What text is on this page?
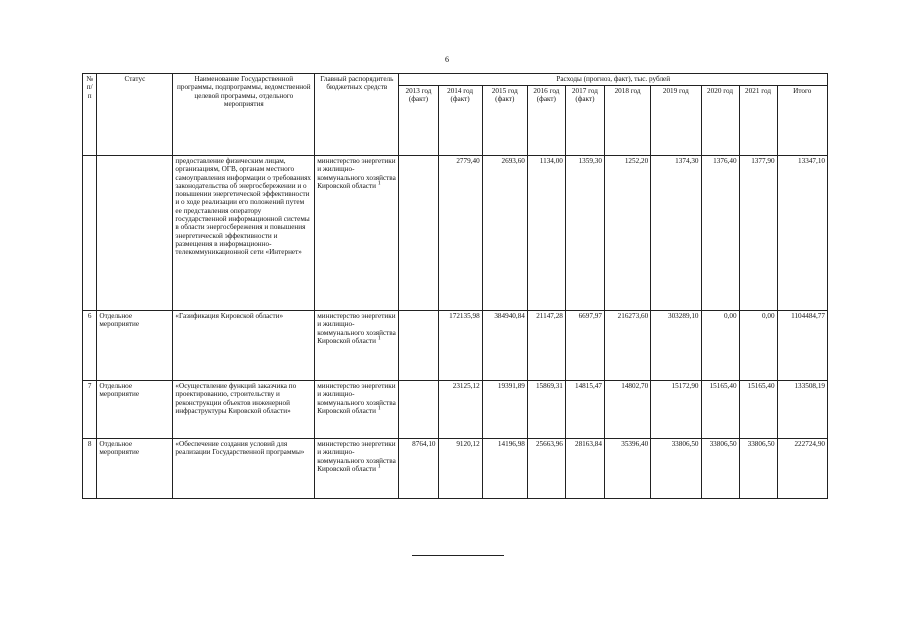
6
№ п/п	Статус	Наименование Государственной программы, подпрограммы, ведомственной целевой программы, отдельного мероприятия	Главный распорядитель бюджетных средств	Расходы (прогноз, факт), тыс. рублей									
				2013 год (факт)	2014 год (факт)	2015 год (факт)	2016 год (факт)	2017 год (факт)	2018 год	2019 год	2020 год	2021 год	Итого
		предоставление физическим лицам, организациям, ОГВ, органам местного самоуправления информации о требованиях законодательства об энергосбережении и о повышении энергетической эффективности и о ходе реализации его положений путем ее представления оператору государственной информационной системы в области энергосбережения и повышения энергетической эффективности и размещения в информационно-телекоммуникационной сети «Интернет»	министерство энергетики и жилищно-коммунального хозяйства Кировской области $^1$		2779,40	2693,60	1134,00	1359,30	1252,20	1374,30	1376,40	1377,90	13347,10
6	Отдельное мероприятие	«Газификация Кировской области»	министерство энергетики и жилищно-коммунального хозяйства Кировской области $^1$		172135,98	384940,84	21147,28	6697,97	216273,60	303289,10	0,00	0,00	1104484,77
7	Отдельное мероприятие	«Осуществление функций заказчика по проектированию, строительству и реконструкции объектов инженерной инфраструктуры Кировской области»	министерство энергетики и жилищно-коммунального хозяйства Кировской области $^1$		23125,12	19391,89	15869,31	14815,47	14802,70	15172,90	15165,40	15165,40	133508,19
8	Отдельное мероприятие	«Обеспечение создания условий для реализации Государственной программы»	министерство энергетики и жилищно-коммунального хозяйства Кировской области $^1$	8764,10	9120,12	14196,98	25663,96	28163,84	35396,40	33806,50	33806,50	33806,50	222724,90
